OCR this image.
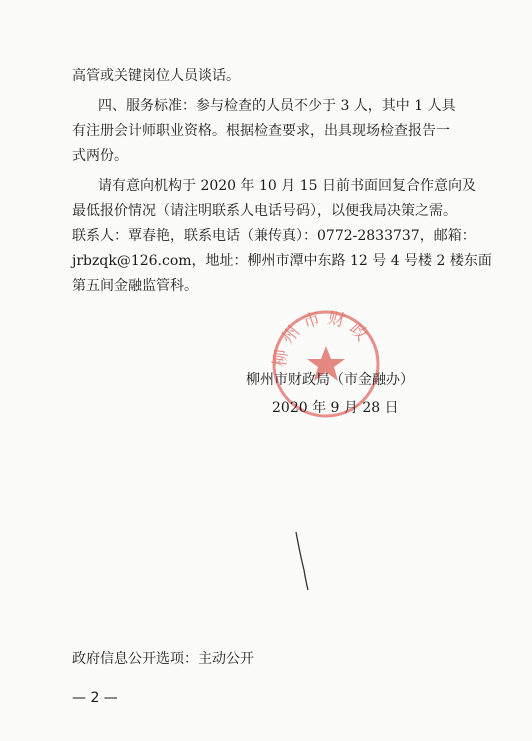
高管或关键岗位人员谈话。
四、服务标准：参与检查的人员不少于 3 人，其中 1 人具
有注册会计师职业资格。根据检查要求，出具现场检查报告一
式两份。
请有意向机构于 2020 年 10 月 15 日前书面回复合作意向及
最低报价情况（请注明联系人电话号码），以便我局决策之需。
联系人：覃春艳，联系电话（兼传真）：0772-2833737，邮箱：
jrbzqk@126.com，地址：柳州市潭中东路 12 号 4 号楼 2 楼东面
第五间金融监管科。
柳 州 市 财 政
柳州市财政局（市金融办）
2020 年 9 月 28 日
政府信息公开选项：主动公开
— 2 —
